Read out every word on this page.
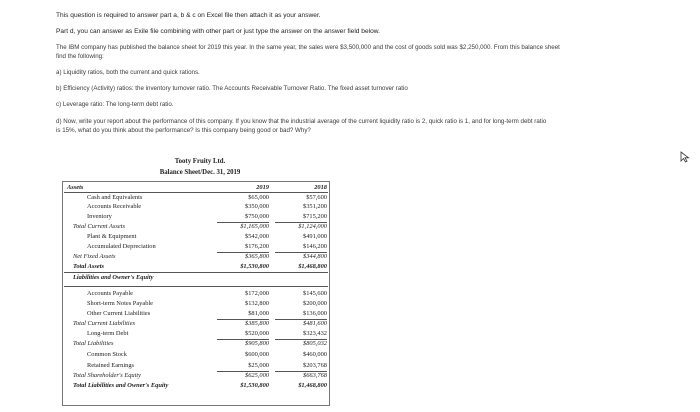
This question is required to answer part a, b & c on Excel file then attach it as your answer.
Part d, you can answer as Exile file combining with other part or just type the answer on the answer field below.
The IBM company has published the balance sheet for 2019 this year. In the same year, the sales were $3,500,000 and the cost of goods sold was $2,250,000. From this balance sheet
find the following:
a) Liquidity ratios, both the current and quick rations.
b) Efficiency (Activity) ratios: the inventory turnover ratio. The Accounts Receivable Turnover Ratio. The fixed asset turnover ratio
c) Leverage ratio: The long-term debt ratio.
d) Now, write your report about the performance of this company. If you know that the industrial average of the current liquidity ratio is 2, quick ratio is 1, and for long-term debt ratio
is 15%, what do you think about the performance? Is this company being good or bad? Why?
Tooty Fruity Ltd.
Balance Sheet/Dec. 31, 2019
Assets	2019	2018
Cash and Equivalents	$65,000	$57,600
Accounts Receivable	$350,000	$351,200
Inventory	$750,000	$715,200
Total Current Assets	$1,165,000	$1,124,000
Plant & Equipment	$542,000	$491,000
Accumulated Depreciation	$176,200	$146,200
Net Fixed Assets	$365,800	$344,800
Total Assets	$1,530,800	$1,468,800
Liabilities and Owner's Equity
Accounts Payable	$172,000	$145,600
Short-term Notes Payable	$132,800	$200,000
Other Current Liabilities	$81,000	$136,000
Total Current Liabilities	$385,800	$481,600
Long-term Debt	$520,000	$323,432
Total Liabilities	$905,800	$805,032
Common Stock	$600,000	$460,000
Retained Earnings	$25,000	$203,768
Total Shareholder's Equity	$625,000	$663,768
Total Liabilities and Owner's Equity	$1,530,800	$1,468,800
